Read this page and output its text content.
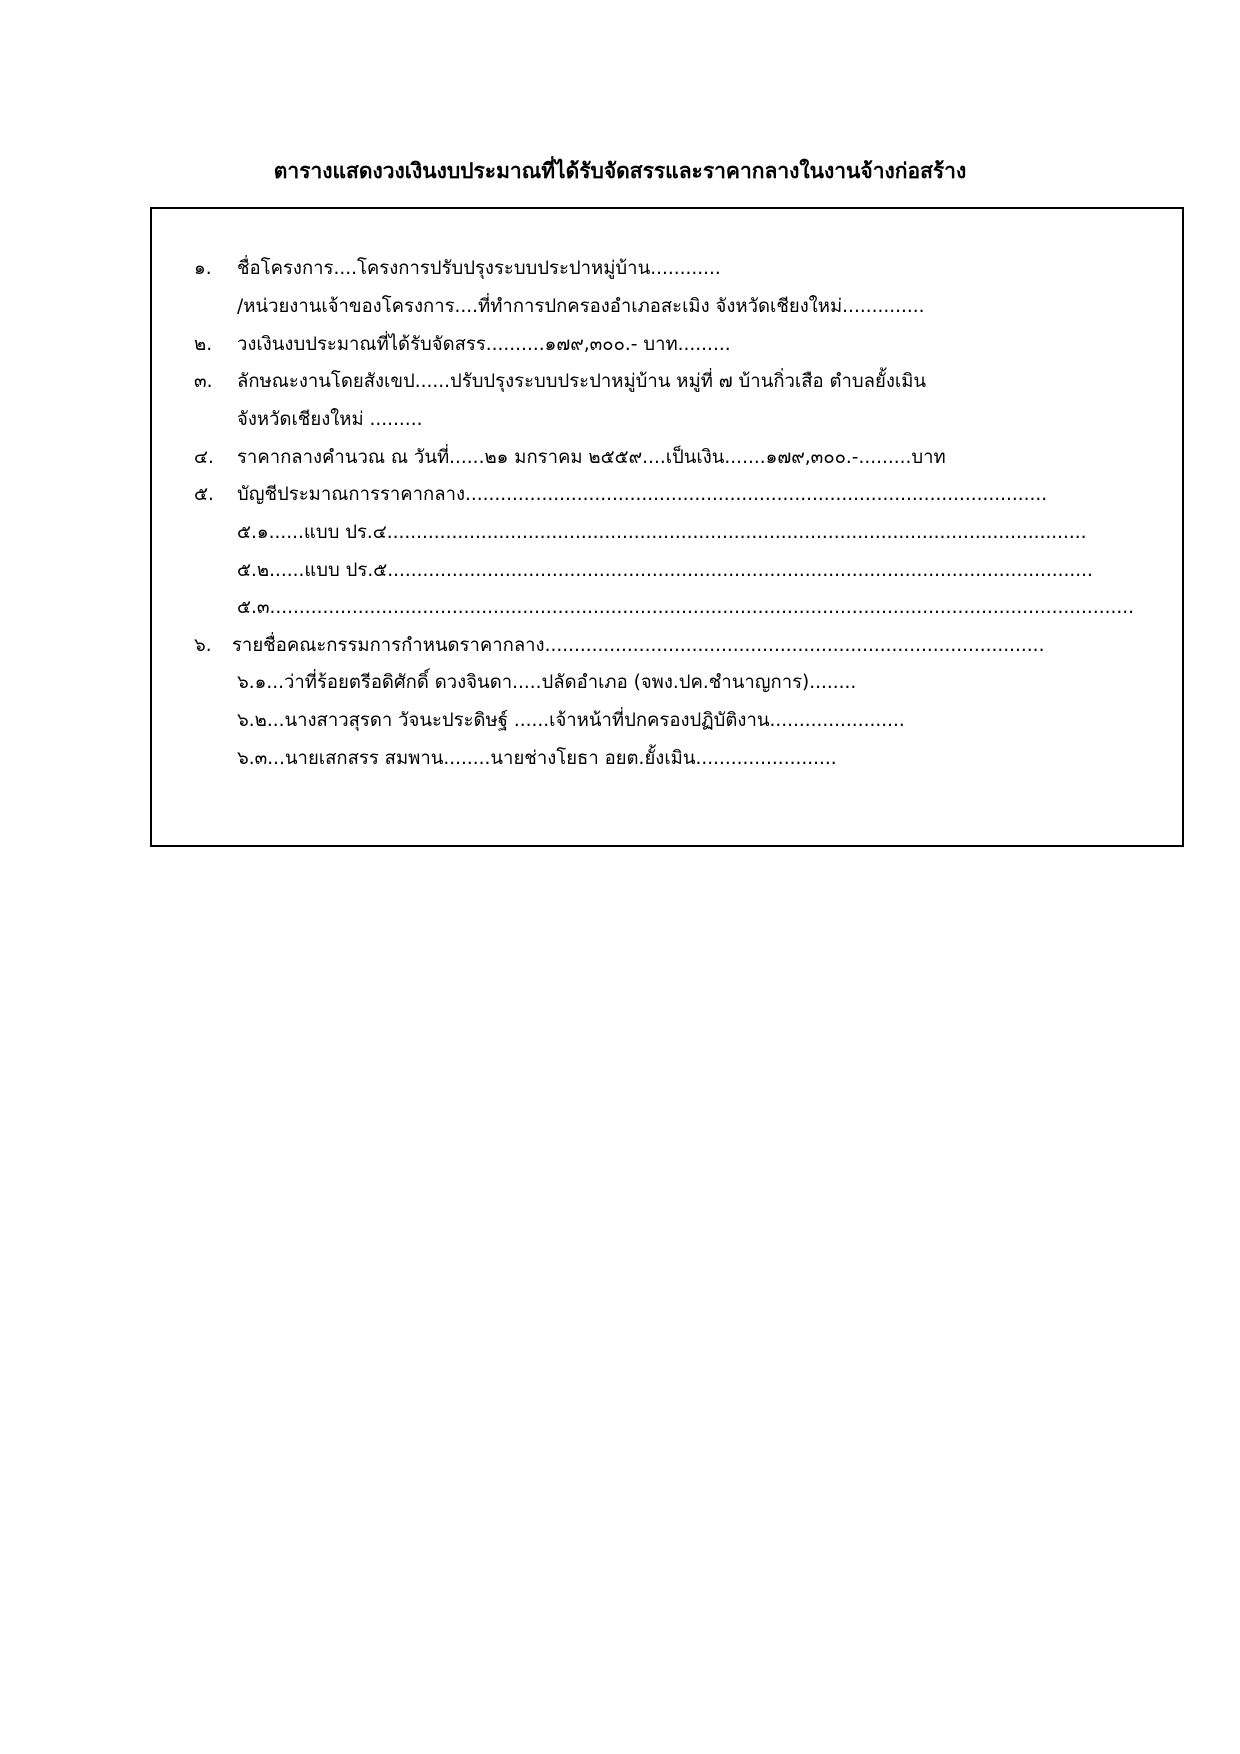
ตารางแสดงวงเงินงบประมาณที่ได้รับจัดสรรและราคากลางในงานจ้างก่อสร้าง
๑. ชื่อโครงการ....โครงการปรับปรุงระบบประปาหมู่บ้าน............
/หน่วยงานเจ้าของโครงการ....ที่ทำการปกครองอำเภอสะเมิง จังหวัดเชียงใหม่..............
๒. วงเงินงบประมาณที่ได้รับจัดสรร..........๑๗๙,๓๐๐.- บาท.........
๓. ลักษณะงานโดยสังเขป......ปรับปรุงระบบประปาหมู่บ้าน หมู่ที่ ๗ บ้านกิ่วเสือ ตำบลยั้งเมิน
จังหวัดเชียงใหม่ .........
๔. ราคากลางคำนวณ ณ วันที่......๒๑ มกราคม ๒๕๕๙....เป็นเงิน.......๑๗๙,๓๐๐.-.........บาท
๕. บัญชีประมาณการราคากลาง...................................................................................................
๕.๑......แบบ ปร.๔.......................................................................................................................
๕.๒......แบบ ปร.๕........................................................................................................................
๕.๓...................................................................................................................................................
๖. รายชื่อคณะกรรมการกำหนดราคากลาง.....................................................................................
๖.๑...ว่าที่ร้อยตรีอดิศักดิ์ ดวงจินดา.....ปลัดอำเภอ (จพง.ปค.ชำนาญการ)........
๖.๒...นางสาวสุรดา วัจนะประดิษฐ์ ......เจ้าหน้าที่ปกครองปฏิบัติงาน.......................
๖.๓...นายเสกสรร สมพาน........นายช่างโยธา อยต.ยั้งเมิน........................
